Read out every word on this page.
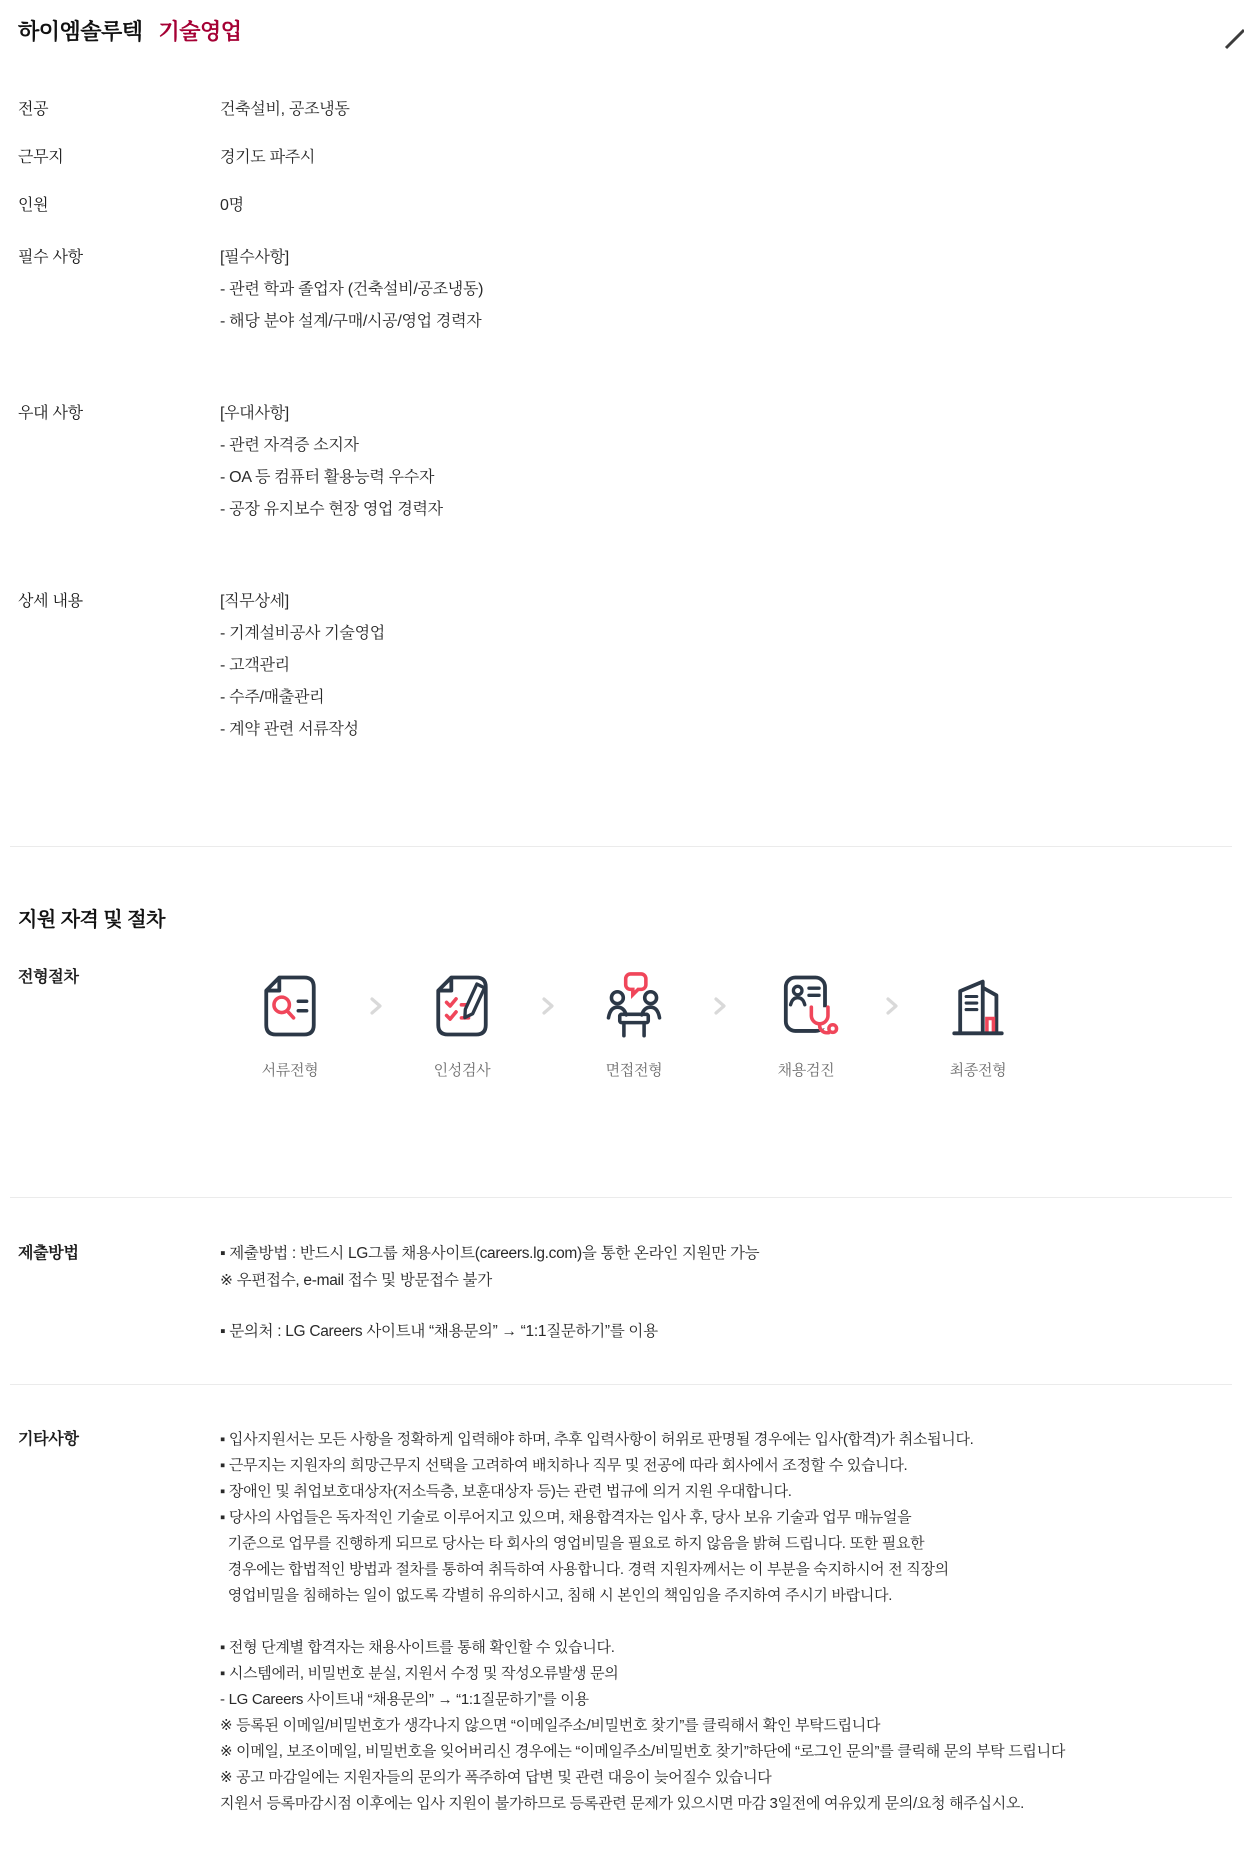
하이엠솔루텍 기술영업
전공	건축설비, 공조냉동
근무지	경기도 파주시
인원	0명
필수 사항	[필수사항]
- 관련 학과 졸업자 (건축설비/공조냉동)
- 해당 분야 설계/구매/시공/영업 경력자
우대 사항	[우대사항]
- 관련 자격증 소지자
- OA 등 컴퓨터 활용능력 우수자
- 공장 유지보수 현장 영업 경력자
상세 내용	[직무상세]
- 기계설비공사 기술영업
- 고객관리
- 수주/매출관리
- 계약 관련 서류작성
지원 자격 및 절차
전형절차
서류전형	인성검사	면접전형	채용검진	최종전형
제출방법	▪ 제출방법 : 반드시 LG그룹 채용사이트(careers.lg.com)을 통한 온라인 지원만 가능
※ 우편접수, e-mail 접수 및 방문접수 불가
▪ 문의처 : LG Careers 사이트내 “채용문의” → “1:1질문하기”를 이용
기타사항	▪ 입사지원서는 모든 사항을 정확하게 입력해야 하며, 추후 입력사항이 허위로 판명될 경우에는 입사(합격)가 취소됩니다.
▪ 근무지는 지원자의 희망근무지 선택을 고려하여 배치하나 직무 및 전공에 따라 회사에서 조정할 수 있습니다.
▪ 장애인 및 취업보호대상자(저소득층, 보훈대상자 등)는 관련 법규에 의거 지원 우대합니다.
▪ 당사의 사업들은 독자적인 기술로 이루어지고 있으며, 채용합격자는 입사 후, 당사 보유 기술과 업무 매뉴얼을
기준으로 업무를 진행하게 되므로 당사는 타 회사의 영업비밀을 필요로 하지 않음을 밝혀 드립니다. 또한 필요한
경우에는 합법적인 방법과 절차를 통하여 취득하여 사용합니다. 경력 지원자께서는 이 부분을 숙지하시어 전 직장의
영업비밀을 침해하는 일이 없도록 각별히 유의하시고, 침해 시 본인의 책임임을 주지하여 주시기 바랍니다.
▪ 전형 단계별 합격자는 채용사이트를 통해 확인할 수 있습니다.
▪ 시스템에러, 비밀번호 분실, 지원서 수정 및 작성오류발생 문의
- LG Careers 사이트내 “채용문의” → “1:1질문하기”를 이용
※ 등록된 이메일/비밀번호가 생각나지 않으면 “이메일주소/비밀번호 찾기”를 클릭해서 확인 부탁드립니다
※ 이메일, 보조이메일, 비밀번호을 잊어버리신 경우에는 “이메일주소/비밀번호 찾기”하단에 “로그인 문의”를 클릭해 문의 부탁 드립니다
※ 공고 마감일에는 지원자들의 문의가 폭주하여 답변 및 관련 대응이 늦어질수 있습니다
지원서 등록마감시점 이후에는 입사 지원이 불가하므로 등록관련 문제가 있으시면 마감 3일전에 여유있게 문의/요청 해주십시오.
